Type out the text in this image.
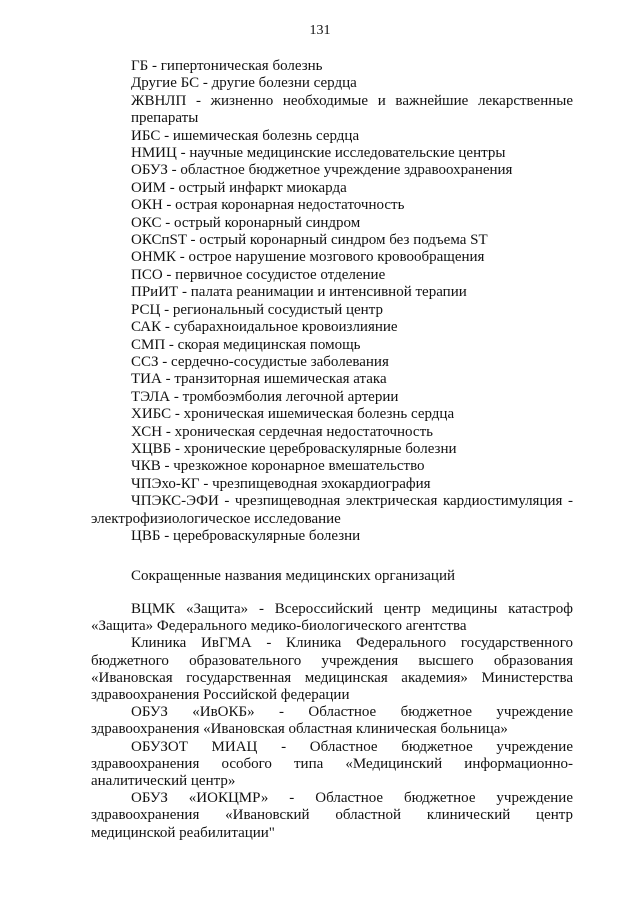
131
ГБ - гипертоническая болезнь
Другие БС - другие болезни сердца
ЖВНЛП - жизненно необходимые и важнейшие лекарственные
препараты
ИБС - ишемическая болезнь сердца
НМИЦ - научные медицинские исследовательские центры
ОБУЗ - областное бюджетное учреждение здравоохранения
ОИМ - острый инфаркт миокарда
ОКН - острая коронарная недостаточность
ОКС - острый коронарный синдром
ОКСпST - острый коронарный синдром без подъема ST
ОНМК - острое нарушение мозгового кровообращения
ПСО - первичное сосудистое отделение
ПРиИТ - палата реанимации и интенсивной терапии
РСЦ - региональный сосудистый центр
САК - субарахноидальное кровоизлияние
СМП - скорая медицинская помощь
ССЗ - сердечно-сосудистые заболевания
ТИА - транзиторная ишемическая атака
ТЭЛА - тромбоэмболия легочной артерии
ХИБС - хроническая ишемическая болезнь сердца
ХСН - хроническая сердечная недостаточность
ХЦВБ - хронические цереброваскулярные болезни
ЧКВ - чрезкожное коронарное вмешательство
ЧПЭхо-КГ - чрезпищеводная эхокардиография
ЧПЭКС-ЭФИ - чрезпищеводная электрическая кардиостимуляция -
электрофизиологическое исследование
ЦВБ - цереброваскулярные болезни
Сокращенные названия медицинских организаций
ВЦМК «Защита» - Всероссийский центр медицины катастроф
«Защита» Федерального медико-биологического агентства
Клиника ИвГМА - Клиника Федерального государственного
бюджетного образовательного учреждения высшего образования
«Ивановская государственная медицинская академия» Министерства
здравоохранения Российской федерации
ОБУЗ «ИвОКБ» - Областное бюджетное учреждение
здравоохранения «Ивановская областная клиническая больница»
ОБУЗОТ МИАЦ - Областное бюджетное учреждение
здравоохранения особого типа «Медицинский информационно-
аналитический центр»
ОБУЗ «ИОКЦМР» - Областное бюджетное учреждение
здравоохранения «Ивановский областной клинический центр
медицинской реабилитации"
